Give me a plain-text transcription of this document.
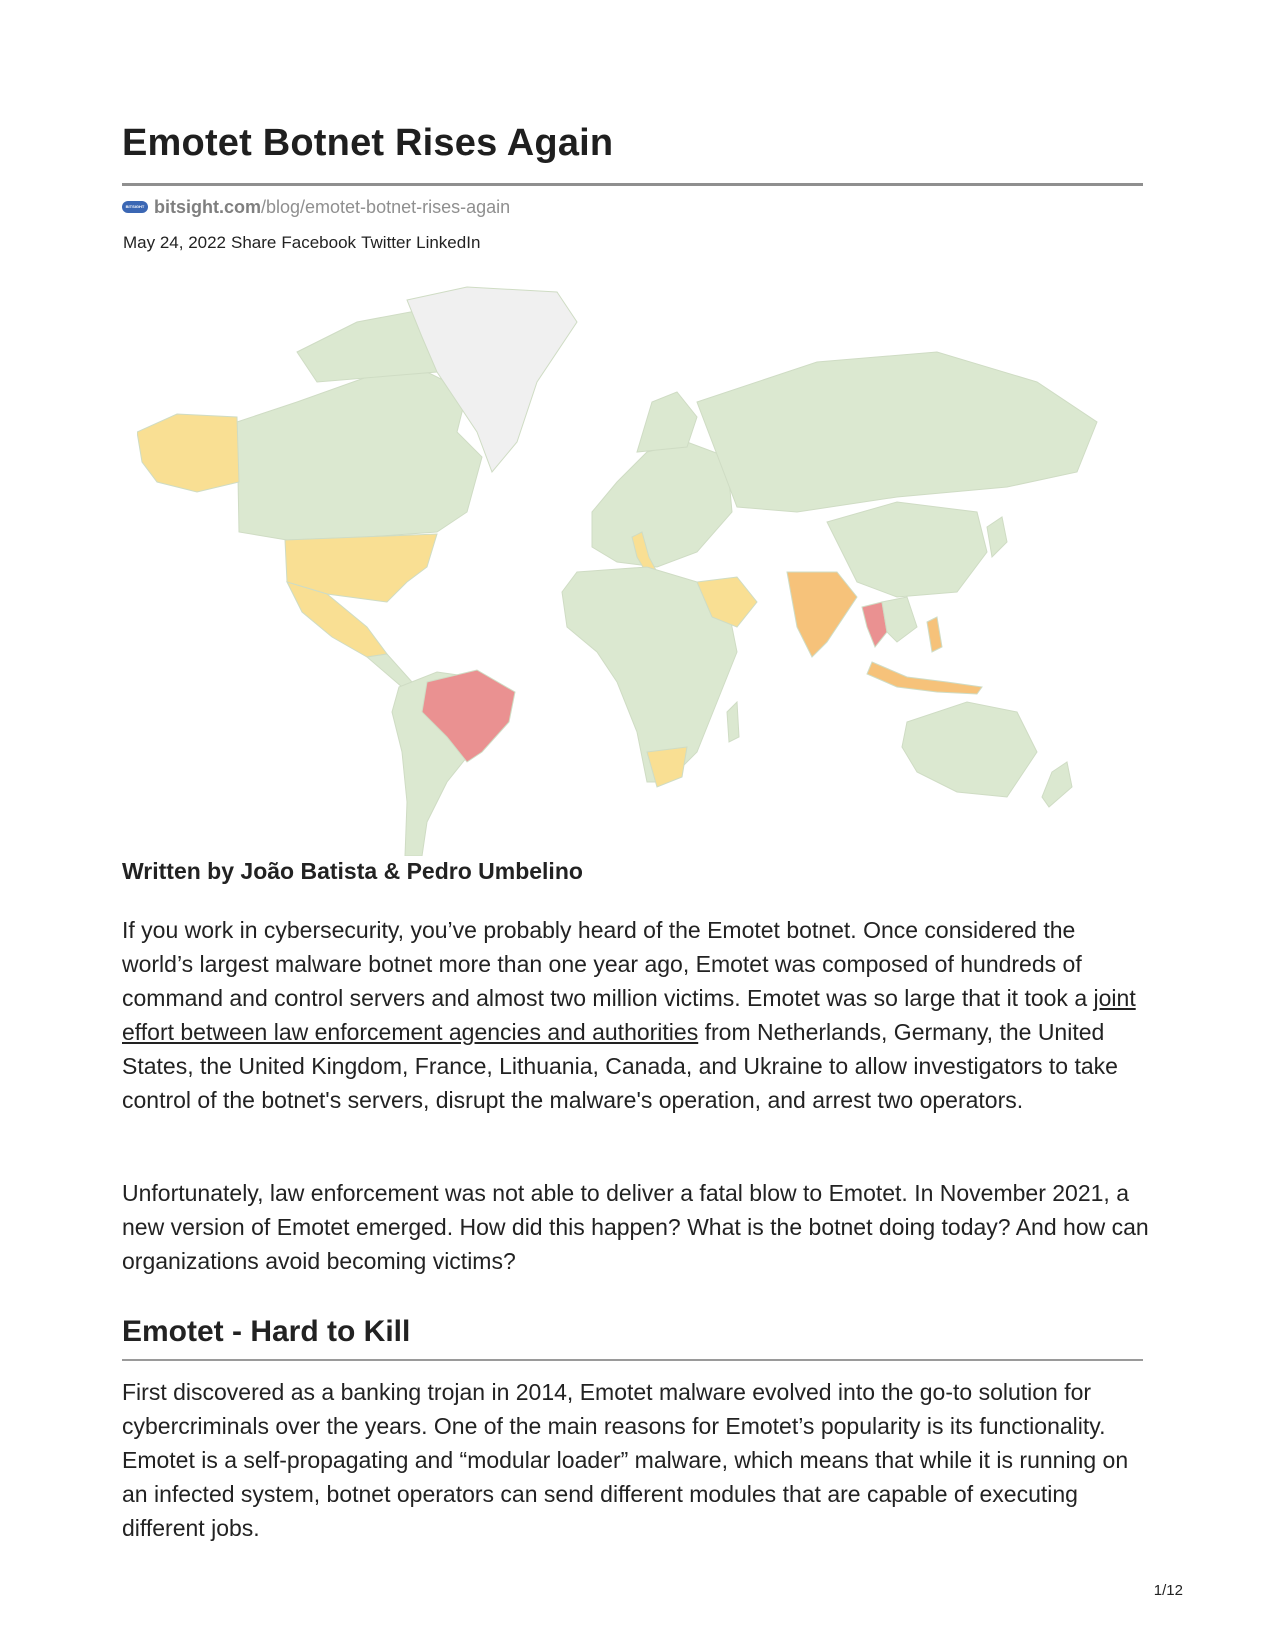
Emotet Botnet Rises Again
BITSIGHT bitsight.com /blog/emotet-botnet-rises-again
May 24, 2022 Share Facebook Twitter LinkedIn
Written by João Batista & Pedro Umbelino

If you work in cybersecurity, you’ve probably heard of the Emotet botnet. Once considered the world’s largest malware botnet more than one year ago, Emotet was composed of hundreds of command and control servers and almost two million victims. Emotet was so large that it took a joint effort between law enforcement agencies and authorities from Netherlands, Germany, the United States, the United Kingdom, France, Lithuania, Canada, and Ukraine to allow investigators to take control of the botnet's servers, disrupt the malware's operation, and arrest two operators.

Unfortunately, law enforcement was not able to deliver a fatal blow to Emotet. In November 2021, a new version of Emotet emerged. How did this happen? What is the botnet doing today? And how can organizations avoid becoming victims?

Emotet - Hard to Kill

First discovered as a banking trojan in 2014, Emotet malware evolved into the go-to solution for cybercriminals over the years. One of the main reasons for Emotet’s popularity is its functionality. Emotet is a self-propagating and “modular loader” malware, which means that while it is running on an infected system, botnet operators can send different modules that are capable of executing different jobs.

1/12
